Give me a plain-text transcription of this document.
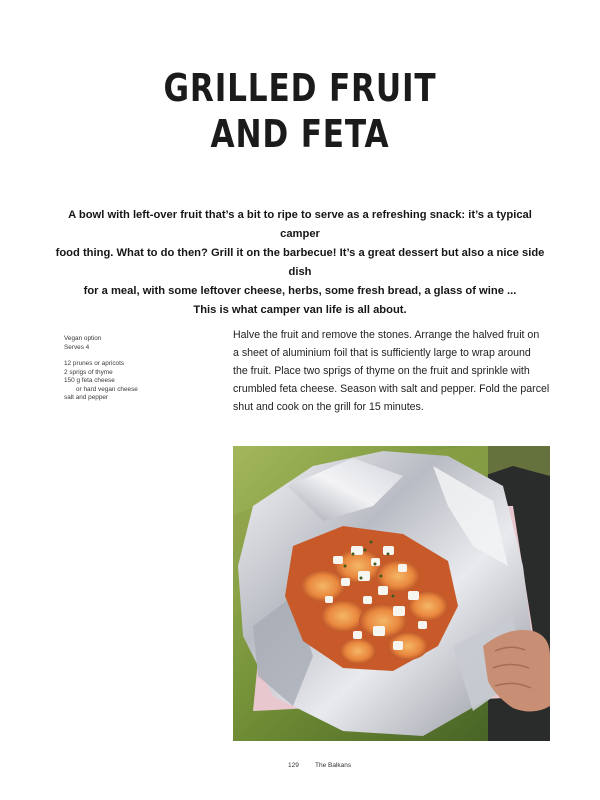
GRILLED FRUIT
AND FETA
A bowl with left-over fruit that’s a bit to ripe to serve as a refreshing snack: it’s a typical camper
food thing. What to do then? Grill it on the barbecue! It’s a great dessert but also a nice side dish
for a meal, with some leftover cheese, herbs, some fresh bread, a glass of wine ...
This is what camper van life is all about.
Vegan option
Serves 4
12 prunes or apricots
2 sprigs of thyme
150 g feta cheese
or hard vegan cheese
salt and pepper
Halve the fruit and remove the stones. Arrange the halved fruit on
a sheet of aluminium foil that is sufficiently large to wrap around
the fruit. Place two sprigs of thyme on the fruit and sprinkle with
crumbled feta cheese. Season with salt and pepper. Fold the parcel
shut and cook on the grill for 15 minutes.
129 The Balkans
